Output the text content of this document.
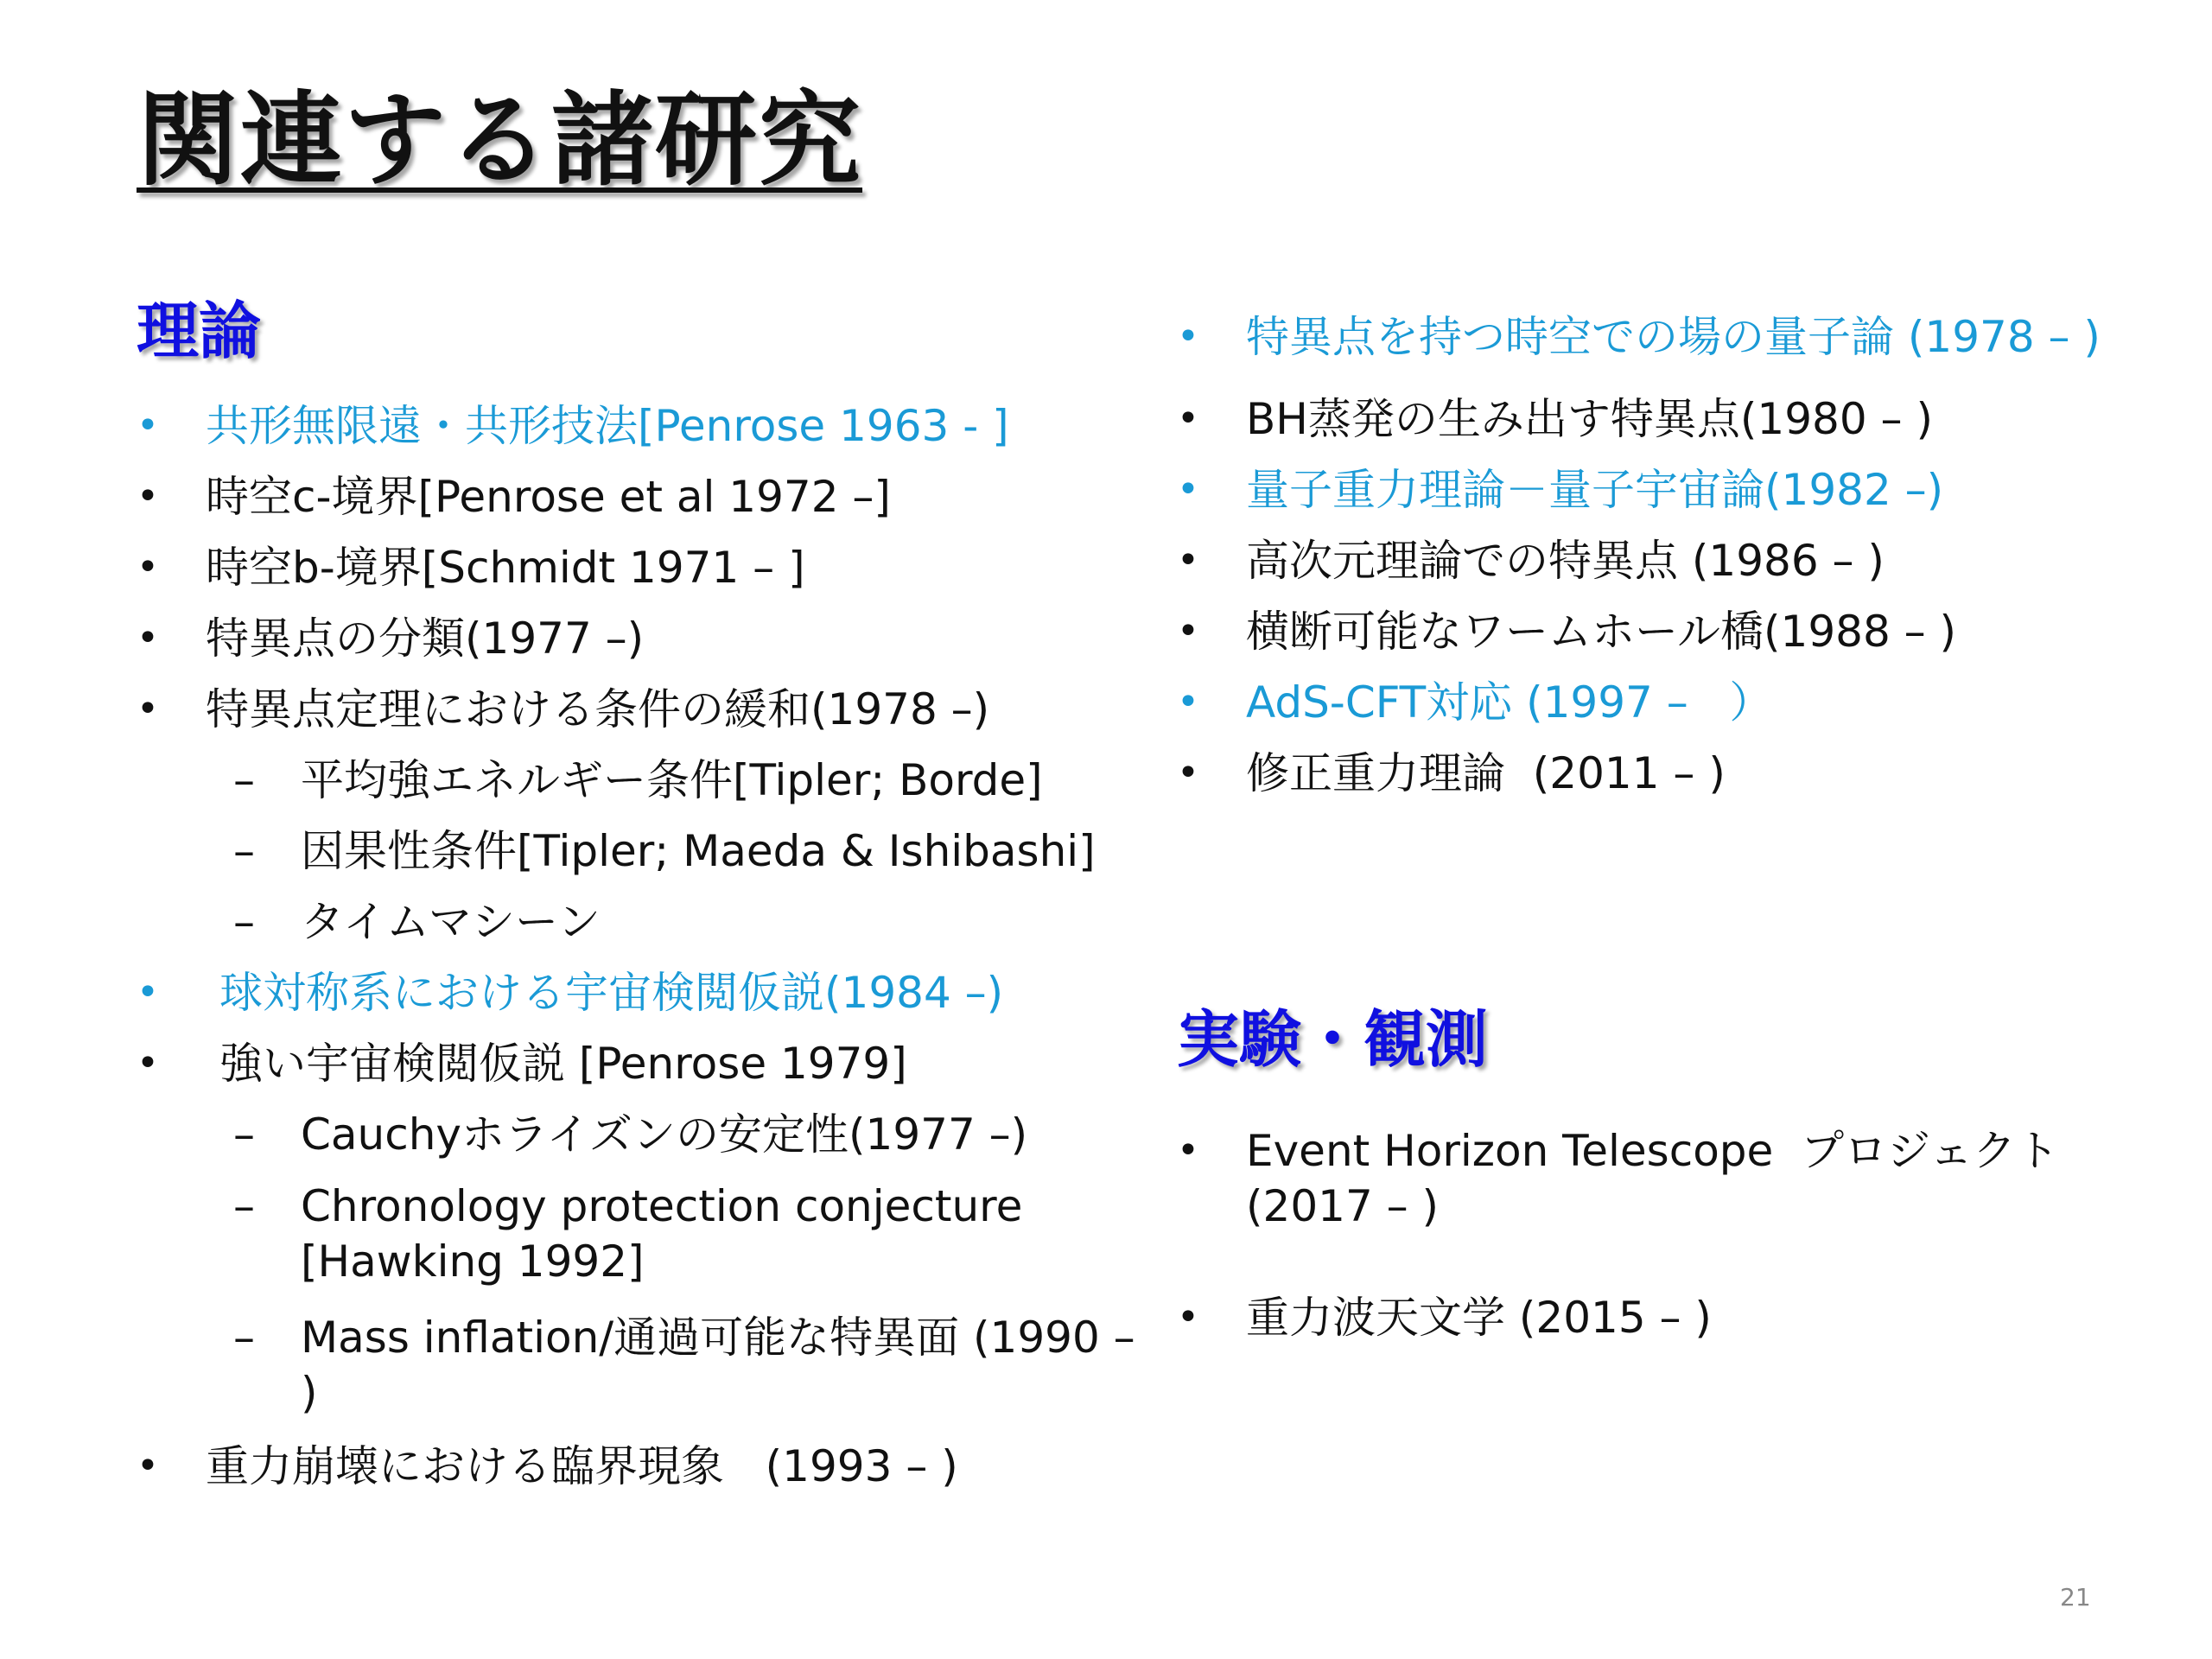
関連する諸研究
理論
• 共形無限遠・共形技法[Penrose 1963 - ]
• 時空c-境界[Penrose et al 1972 –]
• 時空b-境界[Schmidt 1971 – ]
• 特異点の分類(1977 –)
• 特異点定理における条件の緩和(1978 –)
– 平均強エネルギー条件[Tipler; Borde]
– 因果性条件[Tipler; Maeda & Ishibashi]
– タイムマシーン
•	球対称系における宇宙検閲仮説(1984 –)
•	強い宇宙検閲仮説 [Penrose 1979]
– Cauchyホライズンの安定性(1977 –)
– Chronology protection conjecture [Hawking 1992]
– Mass inflation/通過可能な特異面 (1990 – )
• 重力崩壊における臨界現象   (1993 – )
• 特異点を持つ時空での場の量子論 (1978 – )
• BH蒸発の生み出す特異点(1980 – )
• 量子重力理論－量子宇宙論(1982 –)
• 高次元理論での特異点 (1986 – )
• 横断可能なワームホール橋(1988 – )
• AdS-CFT対応 (1997 –   ）
• 修正重力理論  (2011 – )
実験・観測
• Event Horizon Telescope  プロジェクト (2017 – )
• 重力波天文学 (2015 – )
21
